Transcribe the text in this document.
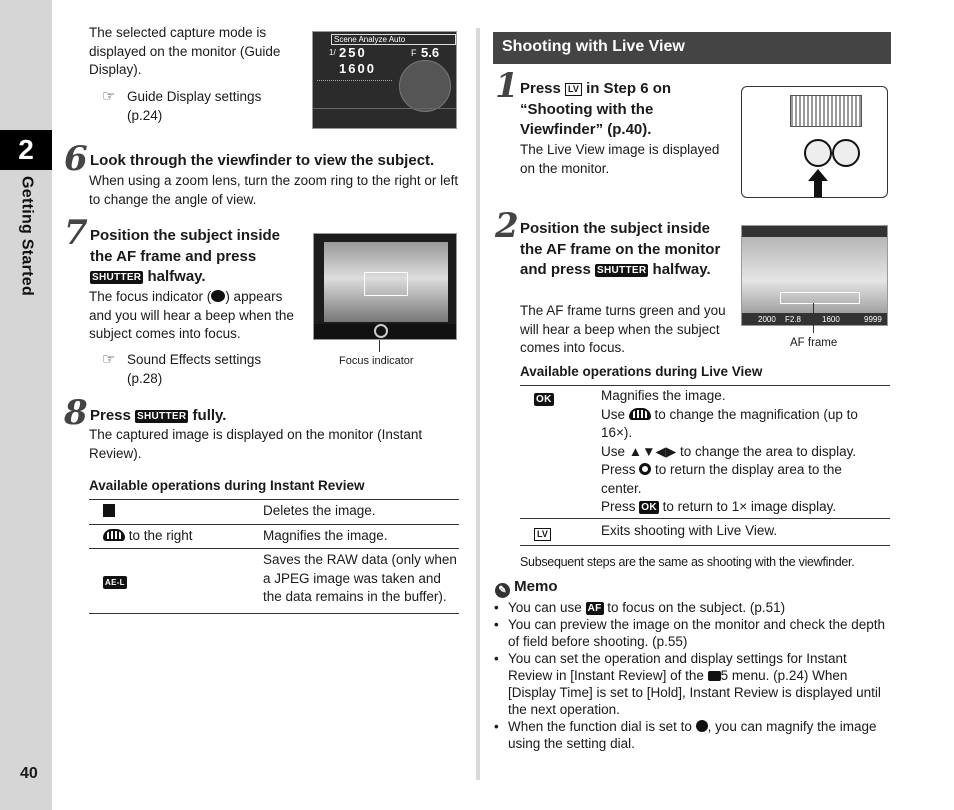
2
Getting Started
40
The selected capture mode is displayed on the monitor (Guide Display).
☞ Guide Display settings (p.24)
Scene Analyze Auto
1/ 250	F 5.6
1600
6 Look through the viewfinder to view the subject.
When using a zoom lens, turn the zoom ring to the right or left to change the angle of view.
7 Position the subject inside the AF frame and press SHUTTER halfway.
The focus indicator ( ) appears and you will hear a beep when the subject comes into focus.
☞ Sound Effects settings (p.28)
Focus indicator
8 Press SHUTTER fully.
The captured image is displayed on the monitor (Instant Review).
Available operations during Instant Review
	Deletes the image.
to the right	Magnifies the image.
AE-L	Saves the RAW data (only when a JPEG image was taken and the data remains in the buffer).
Shooting with Live View
1 Press LV in Step 6 on “Shooting with the Viewfinder” (p.40).
The Live View image is displayed on the monitor.
2 Position the subject inside the AF frame on the monitor and press SHUTTER halfway.
The AF frame turns green and you will hear a beep when the subject comes into focus.
2000 F2.8	1600	9999
AF frame
Available operations during Live View
OK	Magnifies the image.
Use to change the magnification (up to 16×).
Use ▲▼◀▶ to change the area to display.
Press to return the display area to the center.
Press OK to return to 1× image display.
LV	Exits shooting with Live View.
Subsequent steps are the same as shooting with the viewfinder.
✎ Memo
• You can use AF to focus on the subject. (p.51)
• You can preview the image on the monitor and check the depth of field before shooting. (p.55)
• You can set the operation and display settings for Instant Review in [Instant Review] of the 5 menu. (p.24) When [Display Time] is set to [Hold], Instant Review is displayed until the next operation.
• When the function dial is set to , you can magnify the image using the setting dial.
